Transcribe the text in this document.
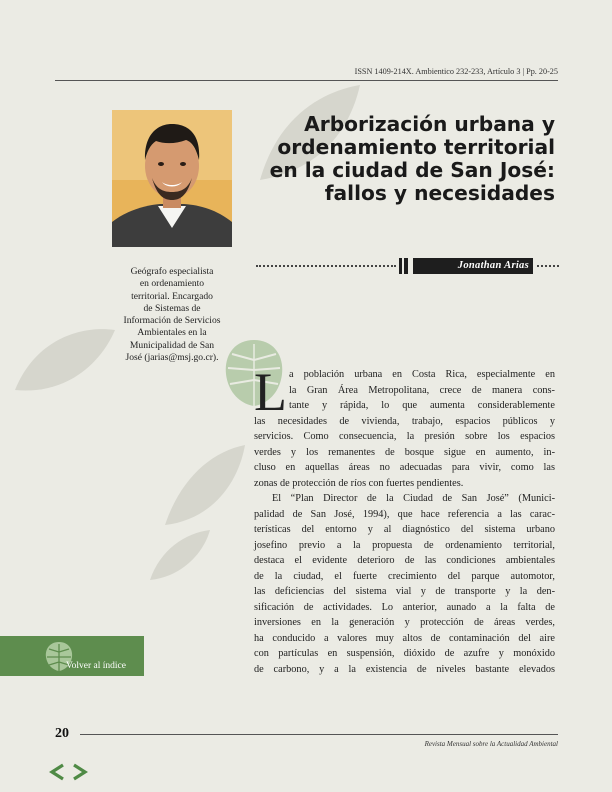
ISSN 1409-214X. Ambientico 232-233, Artículo 3 | Pp. 20-25
Arborización urbana y
ordenamiento territorial
en la ciudad de San José:
fallos y necesidades
Jonathan Arias
Geógrafo especialista
en ordenamiento
territorial. Encargado
de Sistemas de
Información de Servicios
Ambientales en la
Municipalidad de San
José (jarias@msj.go.cr).
L a población urbana en Costa Rica, especialmente en
la Gran Área Metropolitana, crece de manera cons-
tante y rápida, lo que aumenta considerablemente
las necesidades de vivienda, trabajo, espacios públicos y
servicios. Como consecuencia, la presión sobre los espacios
verdes y los remanentes de bosque sigue en aumento, in-
cluso en aquellas áreas no adecuadas para vivir, como las
zonas de protección de ríos con fuertes pendientes.
El “Plan Director de la Ciudad de San José” (Munici-
palidad de San José, 1994), que hace referencia a las carac-
terísticas del entorno y al diagnóstico del sistema urbano
josefino previo a la propuesta de ordenamiento territorial,
destaca el evidente deterioro de las condiciones ambientales
de la ciudad, el fuerte crecimiento del parque automotor,
las deficiencias del sistema vial y de transporte y la den-
sificación de actividades. Lo anterior, aunado a la falta de
inversiones en la generación y protección de áreas verdes,
ha conducido a valores muy altos de contaminación del aire
con partículas en suspensión, dióxido de azufre y monóxido
de carbono, y a la existencia de niveles bastante elevados
Volver al índice
20
Revista Mensual sobre la Actualidad Ambiental
